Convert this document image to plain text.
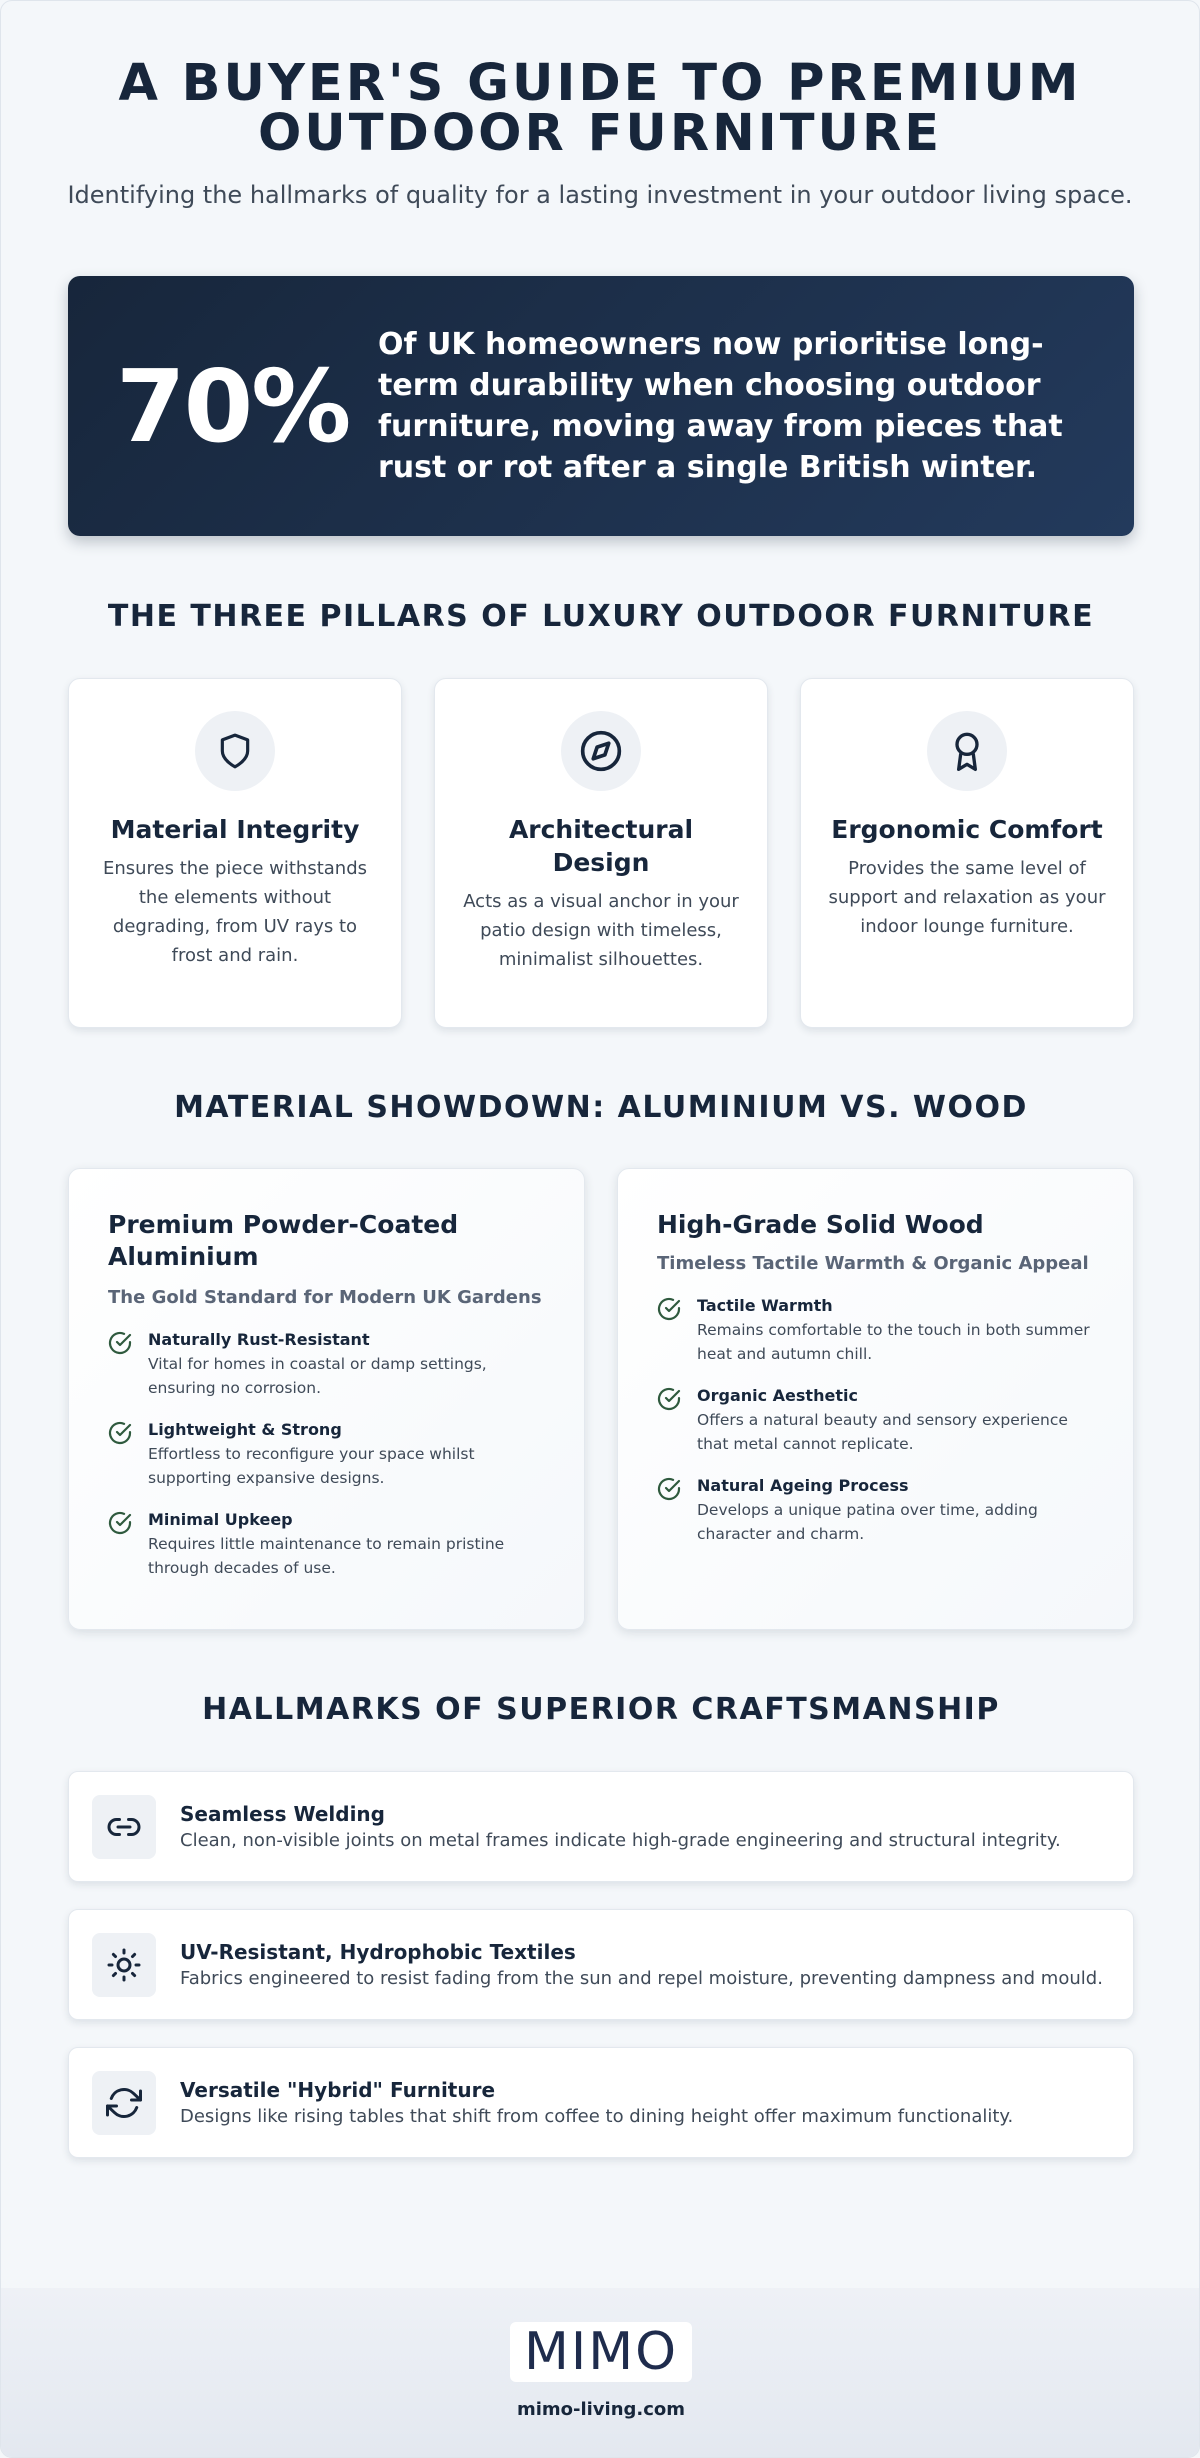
A BUYER'S GUIDE TO PREMIUM OUTDOOR FURNITURE

Identifying the hallmarks of quality for a lasting investment in your outdoor living space.

70%
Of UK homeowners now prioritise long-term durability when choosing outdoor furniture, moving away from pieces that rust or rot after a single British winter.
THE THREE PILLARS OF LUXURY OUTDOOR FURNITURE
Material Integrity
Ensures the piece withstands the elements without degrading, from UV rays to frost and rain.
Architectural Design
Acts as a visual anchor in your patio design with timeless, minimalist silhouettes.
Ergonomic Comfort
Provides the same level of support and relaxation as your indoor lounge furniture.
MATERIAL SHOWDOWN: ALUMINIUM VS. WOOD
Premium Powder-Coated Aluminium
The Gold Standard for Modern UK Gardens
Naturally Rust-Resistant
Vital for homes in coastal or damp settings, ensuring no corrosion.
Lightweight & Strong
Effortless to reconfigure your space whilst supporting expansive designs.
Minimal Upkeep
Requires little maintenance to remain pristine through decades of use.
High-Grade Solid Wood
Timeless Tactile Warmth & Organic Appeal
Tactile Warmth
Remains comfortable to the touch in both summer heat and autumn chill.
Organic Aesthetic
Offers a natural beauty and sensory experience that metal cannot replicate.
Natural Ageing Process
Develops a unique patina over time, adding character and charm.
HALLMARKS OF SUPERIOR CRAFTSMANSHIP
Seamless Welding
Clean, non-visible joints on metal frames indicate high-grade engineering and structural integrity.
UV-Resistant, Hydrophobic Textiles
Fabrics engineered to resist fading from the sun and repel moisture, preventing dampness and mould.
Versatile "Hybrid" Furniture
Designs like rising tables that shift from coffee to dining height offer maximum functionality.
MIMO
mimo-living.com
